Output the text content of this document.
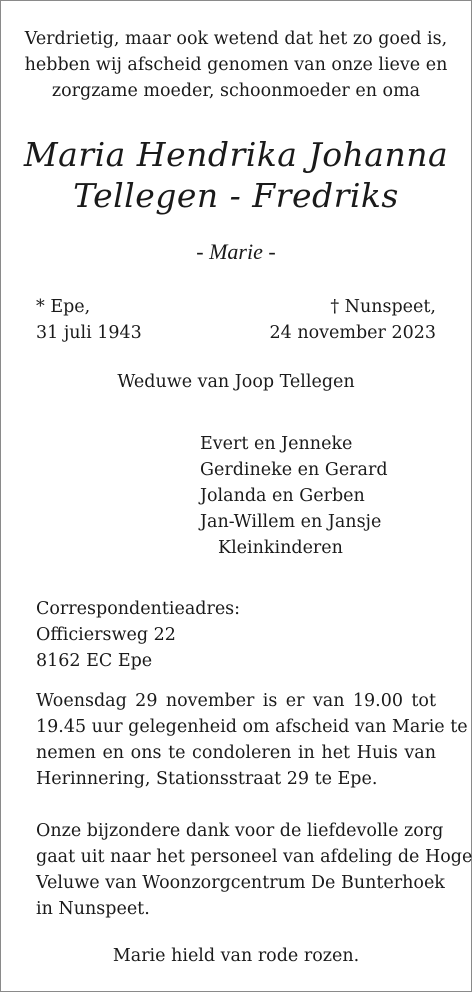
Verdrietig, maar ook wetend dat het zo goed is,
hebben wij afscheid genomen van onze lieve en
zorgzame moeder, schoonmoeder en oma
Maria Hendrika Johanna
Tellegen - Fredriks
- Marie -
* Epe,
31 juli 1943
† Nunspeet,
24 november 2023
Weduwe van Joop Tellegen
Evert en Jenneke
Gerdineke en Gerard
Jolanda en Gerben
Jan-Willem en Jansje
Kleinkinderen
Correspondentieadres:
Officiersweg 22
8162 EC Epe
Woensdag 29 november is er van 19.00 tot
19.45 uur gelegenheid om afscheid van Marie te
nemen en ons te condoleren in het Huis van
Herinnering, Stationsstraat 29 te Epe.
Onze bijzondere dank voor de liefdevolle zorg
gaat uit naar het personeel van afdeling de Hoge
Veluwe van Woonzorgcentrum De Bunterhoek
in Nunspeet.
Marie hield van rode rozen.
